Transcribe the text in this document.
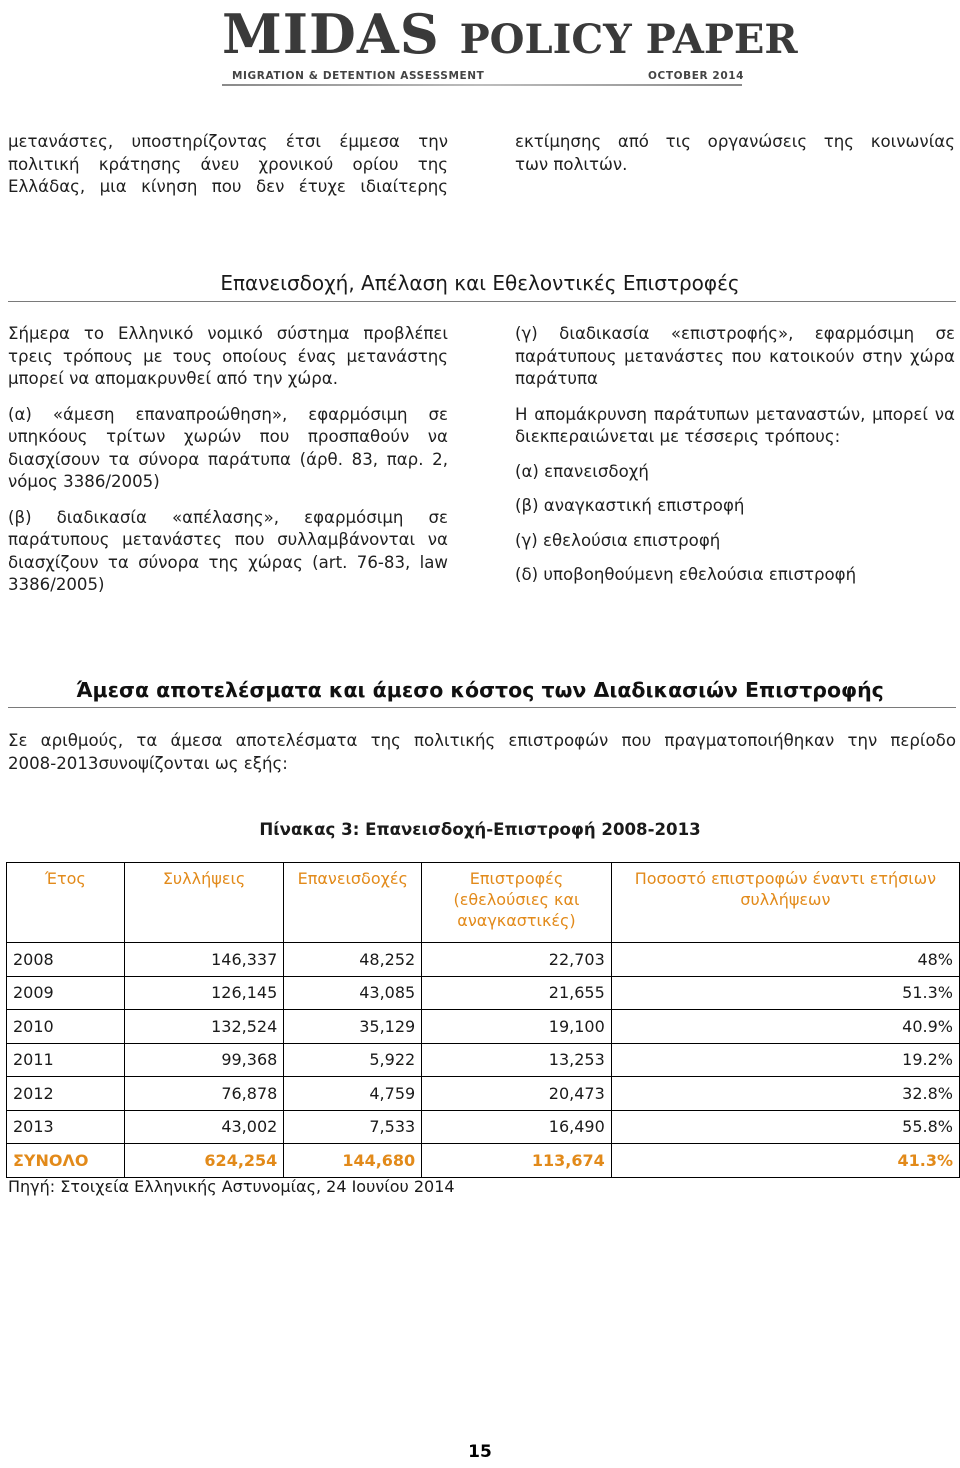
MIDAS POLICY PAPER
MIGRATION & DETENTION ASSESSMENT	OCTOBER 2014

μετανάστες, υποστηρίζοντας έτσι έμμεσα την

πολιτική κράτησης άνευ χρονικού ορίου της

Ελλάδας, μια κίνηση που δεν έτυχε ιδιαίτερης

εκτίμησης από τις οργανώσεις της κοινωνίας

των πολιτών.

Επανεισδοχή, Απέλαση και Εθελοντικές Επιστροφές

Σήμερα το Ελληνικό νομικό σύστημα προβλέπει τρεις τρόπους με τους οποίους ένας μετανάστης μπορεί να απομακρυνθεί από την χώρα.

(α) «άμεση επαναπροώθηση», εφαρμόσιμη σε υπηκόους τρίτων χωρών που προσπαθούν να διασχίσουν τα σύνορα παράτυπα (άρθ. 83, παρ. 2, νόμος 3386/2005)

(β) διαδικασία «απέλασης», εφαρμόσιμη σε παράτυπους μετανάστες που συλλαμβάνονται να διασχίζουν τα σύνορα της χώρας (art. 76-83, law 3386/2005)

(γ) διαδικασία «επιστροφής», εφαρμόσιμη σε παράτυπους μετανάστες που κατοικούν στην χώρα παράτυπα

Η απομάκρυνση παράτυπων μεταναστών, μπορεί να διεκπεραιώνεται με τέσσερις τρόπους:

(α) επανεισδοχή

(β) αναγκαστική επιστροφή

(γ) εθελούσια επιστροφή

(δ) υποβοηθούμενη εθελούσια επιστροφή

Άμεσα αποτελέσματα και άμεσο κόστος των Διαδικασιών Επιστροφής

Σε αριθμούς, τα άμεσα αποτελέσματα της πολιτικής επιστροφών που πραγματοποιήθηκαν την περίοδο

2008-2013συνοψίζονται ως εξής:

Πίνακας 3: Επανεισδοχή-Επιστροφή 2008-2013
Έτος	Συλλήψεις	Επανεισδοχές	Επιστροφές (εθελούσιες και αναγκαστικές)	Ποσοστό επιστροφών έναντι ετήσιων συλλήψεων
2008	146,337	48,252	22,703	48%
2009	126,145	43,085	21,655	51.3%
2010	132,524	35,129	19,100	40.9%
2011	99,368	5,922	13,253	19.2%
2012	76,878	4,759	20,473	32.8%
2013	43,002	7,533	16,490	55.8%
ΣΥΝΟΛΟ	624,254	144,680	113,674	41.3%
Πηγή: Στοιχεία Ελληνικής Αστυνομίας, 24 Ιουνίου 2014
15
